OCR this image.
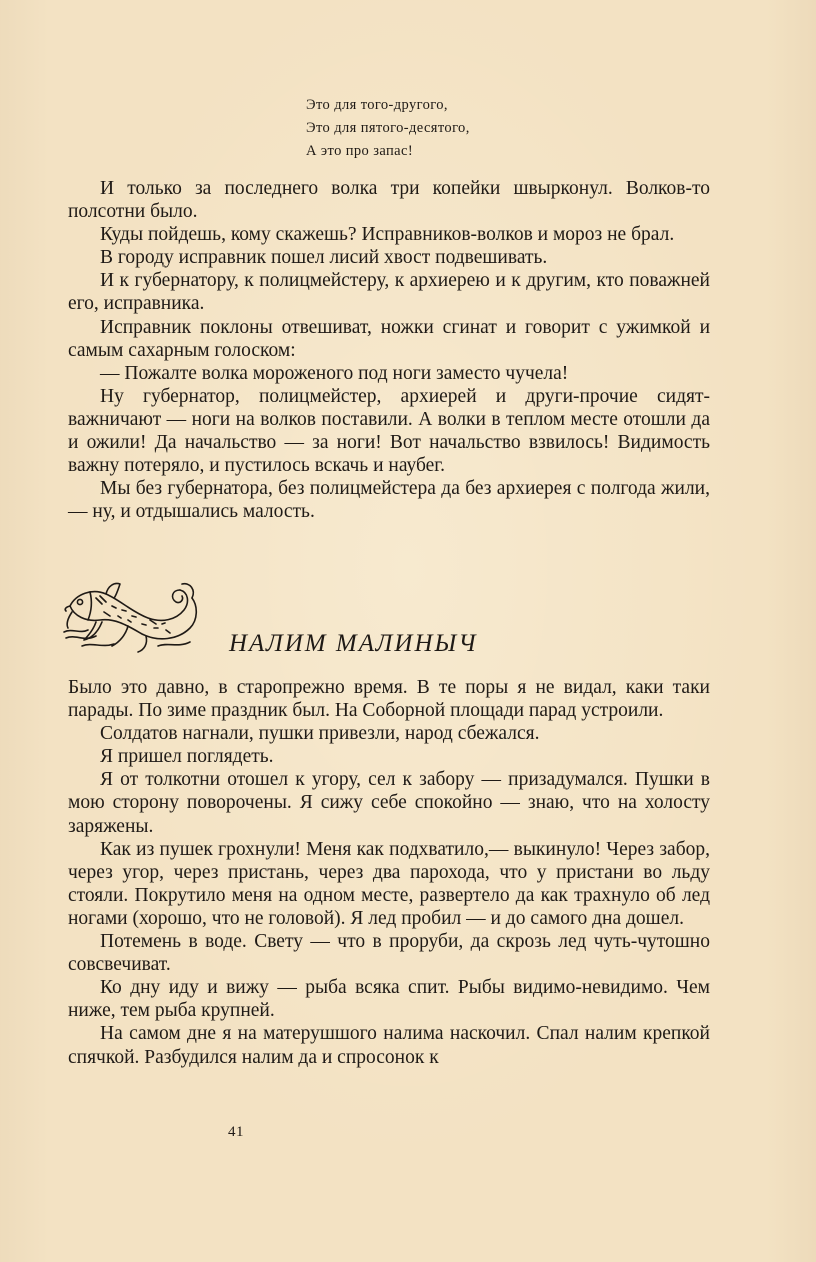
Это для того-другого,
Это для пятого-десятого,
А это про запас!

И только за последнего волка три копейки швырконул. Волков-то полсотни было.

Куды пойдешь, кому скажешь? Исправников-волков и мороз не брал.

В городу исправник пошел лисий хвост подвешивать.

И к губернатору, к полицмейстеру, к архиерею и к другим, кто поважней его, исправника.

Исправник поклоны отвешиват, ножки сгинат и говорит с ужимкой и самым сахарным голоском:

— Пожалте волка мороженого под ноги заместо чучела!

Ну губернатор, полицмейстер, архиерей и други-прочие сидят-важничают — ноги на волков поставили. А волки в теплом месте отошли да и ожили! Да начальство — за ноги! Вот начальство взвилось! Видимость важну потеряло, и пустилось вскачь и наубег.

Мы без губернатора, без полицмейстера да без архиерея с полгода жили,— ну, и отдышались малость.

НАЛИМ МАЛИНЫЧ

Было это давно, в старопрежно время. В те поры я не видал, каки таки парады. По зиме праздник был. На Соборной площади парад устроили.

Солдатов нагнали, пушки привезли, народ сбежался.

Я пришел поглядеть.

Я от толкотни отошел к угору, сел к забору — призадумался. Пушки в мою сторону поворочены. Я сижу себе спокойно — знаю, что на холосту заряжены.

Как из пушек грохнули! Меня как подхватило,— выкинуло! Через забор, через угор, через пристань, через два парохода, что у пристани во льду стояли. Покрутило меня на одном месте, развертело да как трахнуло об лед ногами (хорошо, что не головой). Я лед пробил — и до самого дна дошел.

Потемень в воде. Свету — что в проруби, да скрозь лед чуть-чутошно совсвечиват.

Ко дну иду и вижу — рыба всяка спит. Рыбы видимо-невидимо. Чем ниже, тем рыба крупней.

На самом дне я на матерушшого налима наскочил. Спал налим крепкой спячкой. Разбудился налим да и спросонок к

41
